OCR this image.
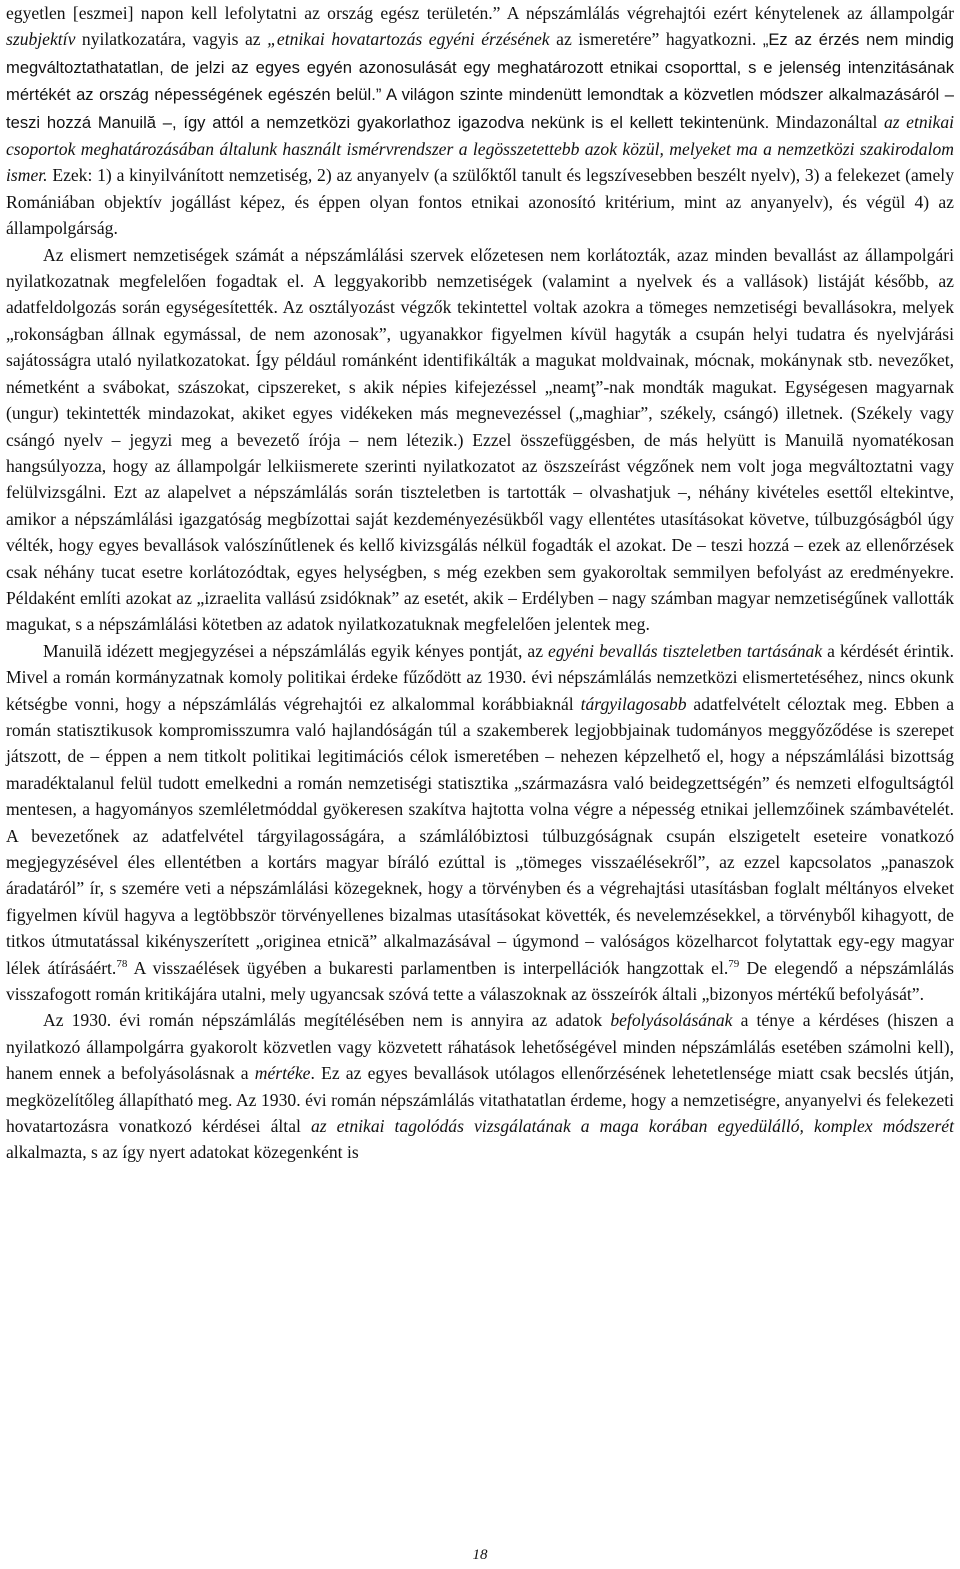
egyetlen [eszmei] napon kell lefolytatni az ország egész területén.” A népszámlálás végrehajtói ezért kénytelenek az állampolgár szubjektív nyilatkozatára, vagyis az „etnikai hovatartozás egyéni érzésének az ismeretére” hagyatkozni. „Ez az érzés nem mindig megváltoztathatatlan, de jelzi az egyes egyén azonosulását egy meghatározott etnikai csoporttal, s e jelenség intenzitásának mértékét az ország népességének egészén belül.” A világon szinte mindenütt lemondtak a közvetlen módszer alkalmazásáról – teszi hozzá Manuilă –, így attól a nemzetközi gyakorlathoz igazodva nekünk is el kellett tekintenünk. Mindazonáltal az etnikai csoportok meghatározásában általunk használt ismérvrendszer a legösszetettebb azok közül, melyeket ma a nemzetközi szakirodalom ismer. Ezek: 1) a kinyilvánított nemzetiség, 2) az anyanyelv (a szülőktől tanult és legszívesebben beszélt nyelv), 3) a felekezet (amely Romániában objektív jogállást képez, és éppen olyan fontos etnikai azonosító kritérium, mint az anyanyelv), és végül 4) az állampolgárság.

Az elismert nemzetiségek számát a népszámlálási szervek előzetesen nem korlátozták, azaz minden bevallást az állampolgári nyilatkozatnak megfelelően fogadtak el. A leggyakoribb nemzetiségek (valamint a nyelvek és a vallások) listáját később, az adatfeldolgozás során egységesítették. Az osztályozást végzők tekintettel voltak azokra a tömeges nemzetiségi bevallásokra, melyek „rokonságban állnak egymással, de nem azonosak”, ugyanakkor figyelmen kívül hagyták a csupán helyi tudatra és nyelvjárási sajátosságra utaló nyilatkozatokat. Így például románként identifikálták a magukat moldvainak, mócnak, mokánynak stb. nevezőket, németként a svábokat, szászokat, cipszereket, s akik népies kifejezéssel „neamţ”-nak mondták magukat. Egységesen magyarnak (ungur) tekintették mindazokat, akiket egyes vidékeken más megnevezéssel („maghiar”, székely, csángó) illetnek. (Székely vagy csángó nyelv – jegyzi meg a bevezető írója – nem létezik.) Ezzel összefüggésben, de más helyütt is Manuilă nyomatékosan hangsúlyozza, hogy az állampolgár lelkiismerete szerinti nyilatkozatot az öszszeírást végzőnek nem volt joga megváltoztatni vagy felülvizsgálni. Ezt az alapelvet a népszámlálás során tiszteletben is tartották – olvashatjuk –, néhány kivételes esettől eltekintve, amikor a népszámlálási igazgatóság megbízottai saját kezdeményezésükből vagy ellentétes utasításokat követve, túlbuzgóságból úgy vélték, hogy egyes bevallások valószínűtlenek és kellő kivizsgálás nélkül fogadták el azokat. De – teszi hozzá – ezek az ellenőrzések csak néhány tucat esetre korlátozódtak, egyes helységben, s még ezekben sem gyakoroltak semmilyen befolyást az eredményekre. Példaként említi azokat az „izraelita vallású zsidóknak” az esetét, akik – Erdélyben – nagy számban magyar nemzetiségűnek vallották magukat, s a népszámlálási kötetben az adatok nyilatkozatuknak megfelelően jelentek meg.

Manuilă idézett megjegyzései a népszámlálás egyik kényes pontját, az egyéni bevallás tiszteletben tartásának a kérdését érintik. Mivel a román kormányzatnak komoly politikai érdeke fűződött az 1930. évi népszámlálás nemzetközi elismertetéséhez, nincs okunk kétségbe vonni, hogy a népszámlálás végrehajtói ez alkalommal korábbiaknál tárgyilagosabb adatfelvételt céloztak meg. Ebben a román statisztikusok kompromisszumra való hajlandóságán túl a szakemberek legjobbjainak tudományos meggyőződése is szerepet játszott, de – éppen a nem titkolt politikai legitimációs célok ismeretében – nehezen képzelhető el, hogy a népszámlálási bizottság maradéktalanul felül tudott emelkedni a román nemzetiségi statisztika „származásra való beidegzettségén” és nemzeti elfogultságtól mentesen, a hagyományos szemléletmóddal gyökeresen szakítva hajtotta volna végre a népesség etnikai jellemzőinek számbavételét. A bevezetőnek az adatfelvétel tárgyilagosságára, a számlálóbiztosi túlbuzgóságnak csupán elszigetelt eseteire vonatkozó megjegyzésével éles ellentétben a kortárs magyar bíráló ezúttal is „tömeges visszaélésekről”, az ezzel kapcsolatos „panaszok áradatáról” ír, s szemére veti a népszámlálási közegeknek, hogy a törvényben és a végrehajtási utasításban foglalt méltányos elveket figyelmen kívül hagyva a legtöbbször törvényellenes bizalmas utasításokat követték, és nevelemzésekkel, a törvényből kihagyott, de titkos útmutatással kikényszerített „originea etnică” alkalmazásával – úgymond – valóságos közelharcot folytattak egy-egy magyar lélek átírásáért.$^{78}$ A visszaélések ügyében a bukaresti parlamentben is interpellációk hangzottak el.$^{79}$ De elegendő a népszámlálás visszafogott román kritikájára utalni, mely ugyancsak szóvá tette a válaszoknak az összeírók általi „bizonyos mértékű befolyását”.

Az 1930. évi román népszámlálás megítélésében nem is annyira az adatok befolyásolásának a ténye a kérdéses (hiszen a nyilatkozó állampolgárra gyakorolt közvetlen vagy közvetett ráhatások lehetőségével minden népszámlálás esetében számolni kell), hanem ennek a befolyásolásnak a mértéke. Ez az egyes bevallások utólagos ellenőrzésének lehetetlensége miatt csak becslés útján, megközelítőleg állapítható meg. Az 1930. évi román népszámlálás vitathatatlan érdeme, hogy a nemzetiségre, anyanyelvi és felekezeti hovatartozásra vonatkozó kérdései által az etnikai tagolódás vizsgálatának a maga korában egyedülálló, komplex módszerét alkalmazta, s az így nyert adatokat közegenként is

18
